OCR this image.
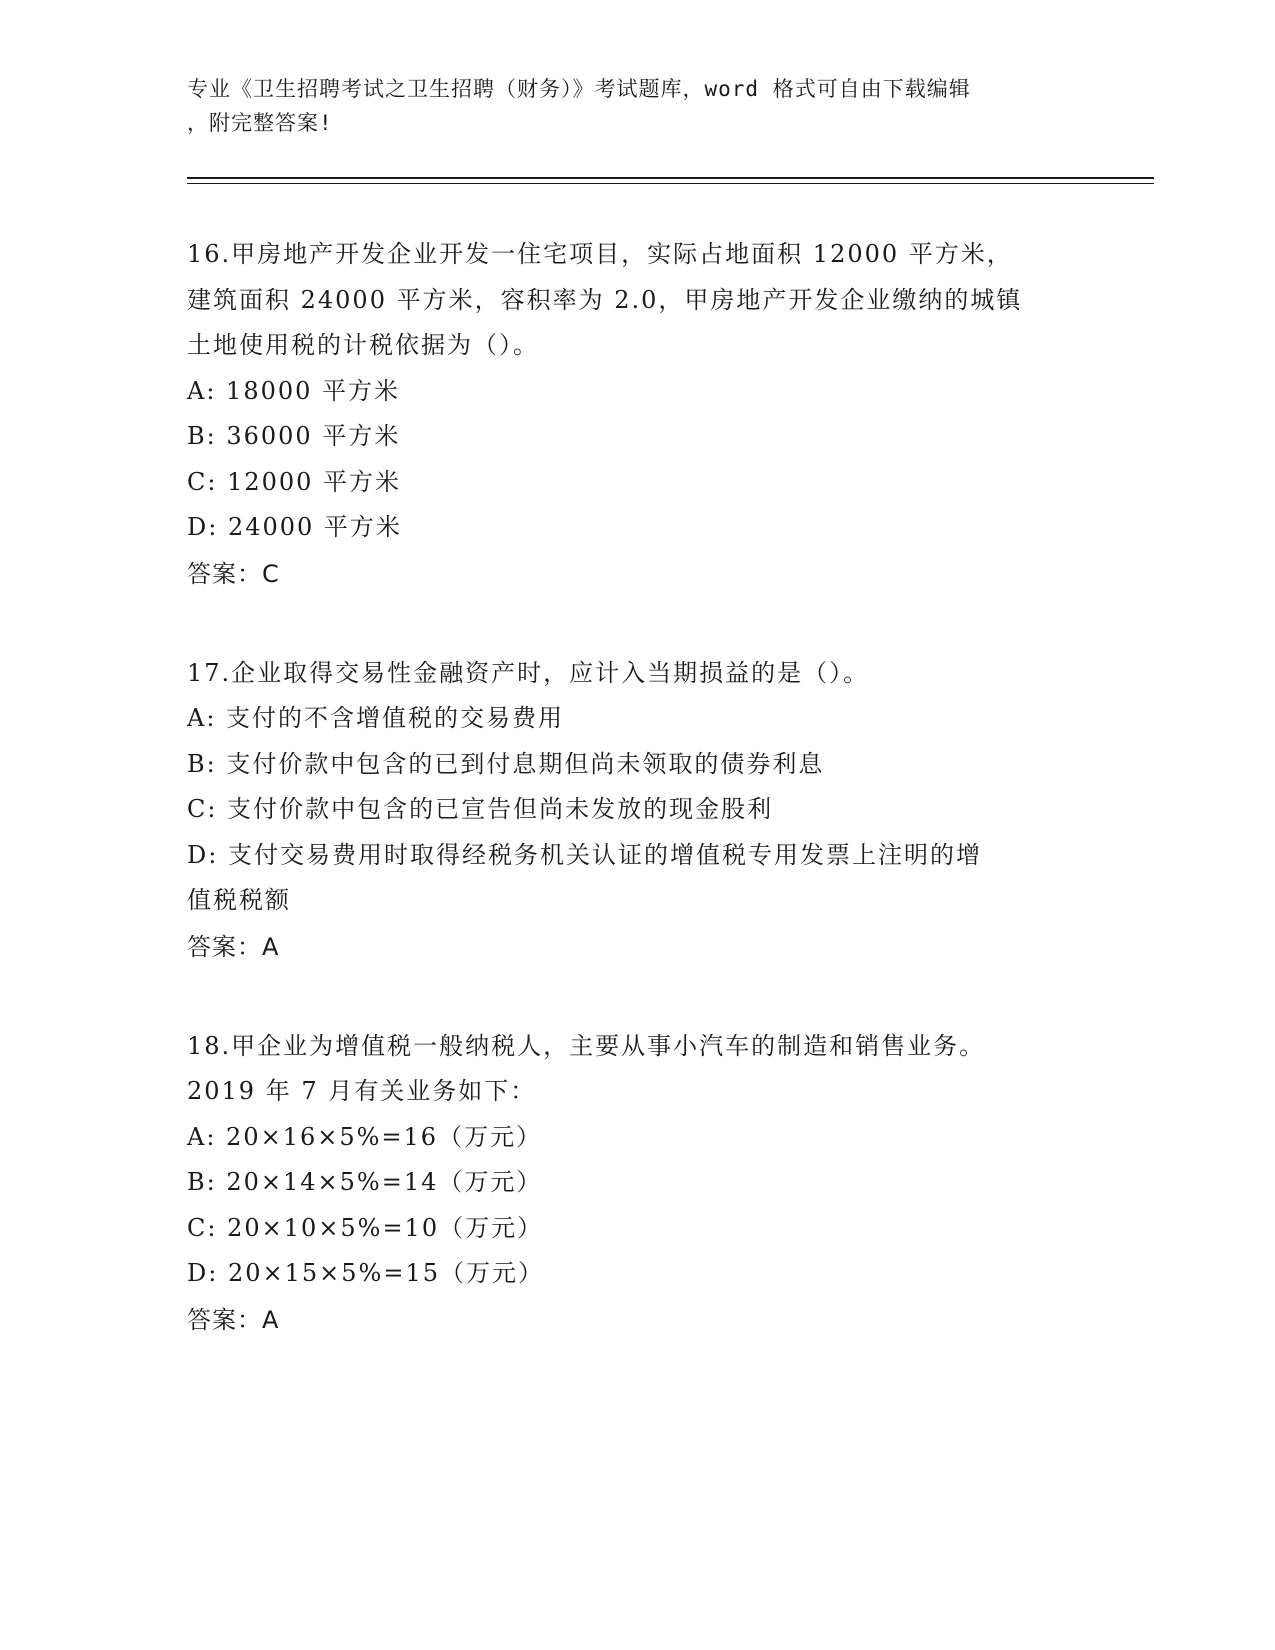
专业《卫生招聘考试之卫生招聘（财务）》考试题库，word 格式可自由下载编辑
，附完整答案!
16.甲房地产开发企业开发一住宅项目，实际占地面积 12000 平方米，
建筑面积 24000 平方米，容积率为 2.0，甲房地产开发企业缴纳的城镇
土地使用税的计税依据为（）。
A: 18000 平方米
B: 36000 平方米
C: 12000 平方米
D: 24000 平方米
答案：C
17.企业取得交易性金融资产时，应计入当期损益的是（）。
A: 支付的不含增值税的交易费用
B: 支付价款中包含的已到付息期但尚未领取的债券利息
C: 支付价款中包含的已宣告但尚未发放的现金股利
D: 支付交易费用时取得经税务机关认证的增值税专用发票上注明的增
值税税额
答案：A
18.甲企业为增值税一般纳税人，主要从事小汽车的制造和销售业务。
2019 年 7 月有关业务如下：
A: 20×16×5%=16（万元）
B: 20×14×5%=14（万元）
C: 20×10×5%=10（万元）
D: 20×15×5%=15（万元）
答案：A
